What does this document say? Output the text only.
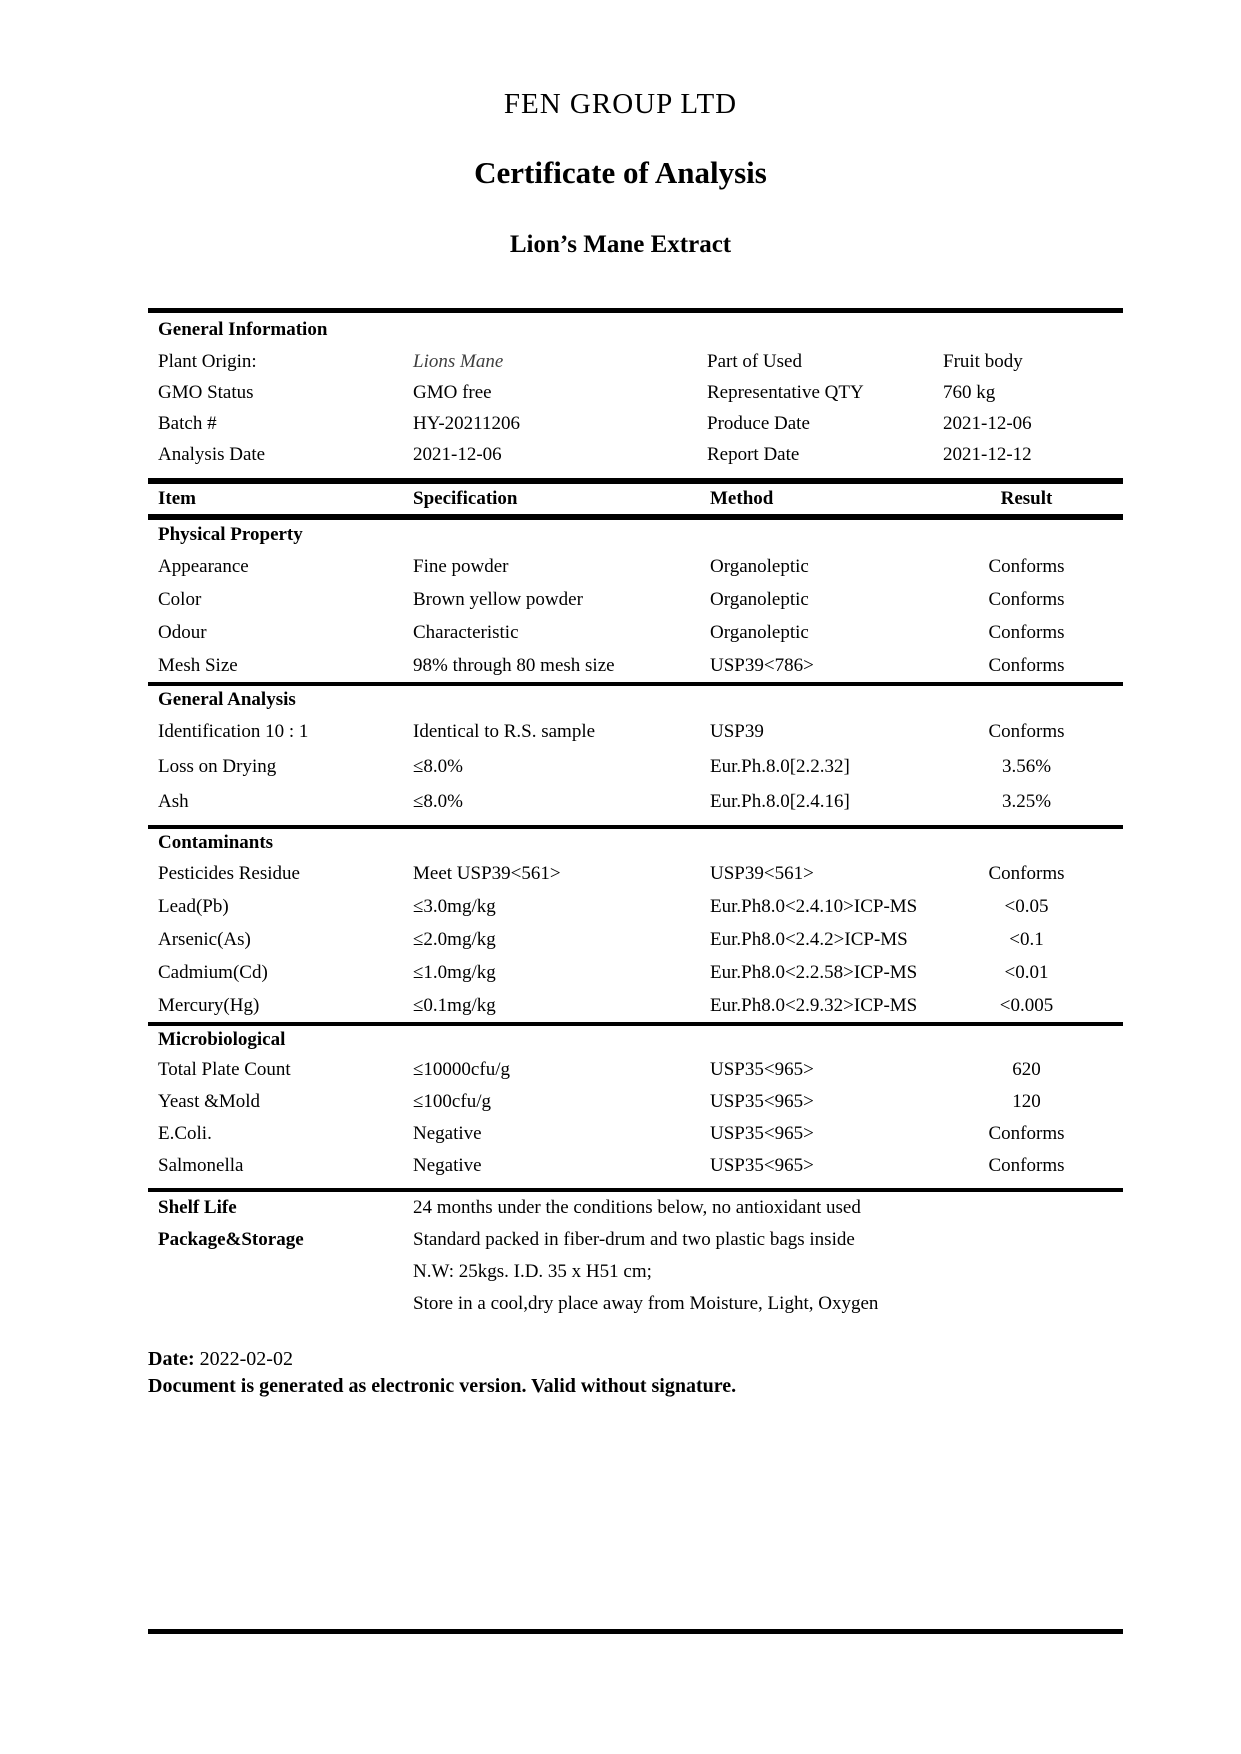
FEN GROUP LTD
Certificate of Analysis
Lion’s Mane Extract
General Information
Plant Origin:	Lions Mane	Part of Used	Fruit body
GMO Status	GMO free	Representative QTY	760 kg
Batch #	HY-20211206	Produce Date	2021-12-06
Analysis Date	2021-12-06	Report Date	2021-12-12
Item	Specification	Method	Result
Physical Property
Appearance	Fine powder	Organoleptic	Conforms
Color	Brown yellow powder	Organoleptic	Conforms
Odour	Characteristic	Organoleptic	Conforms
Mesh Size	98% through 80 mesh size	USP39<786>	Conforms
General Analysis
Identification 10 : 1	Identical to R.S. sample	USP39	Conforms
Loss on Drying	≤8.0%	Eur.Ph.8.0[2.2.32]	3.56%
Ash	≤8.0%	Eur.Ph.8.0[2.4.16]	3.25%
Contaminants
Pesticides Residue	Meet USP39<561>	USP39<561>	Conforms
Lead(Pb)	≤3.0mg/kg	Eur.Ph8.0<2.4.10>ICP-MS	<0.05
Arsenic(As)	≤2.0mg/kg	Eur.Ph8.0<2.4.2>ICP-MS	<0.1
Cadmium(Cd)	≤1.0mg/kg	Eur.Ph8.0<2.2.58>ICP-MS	<0.01
Mercury(Hg)	≤0.1mg/kg	Eur.Ph8.0<2.9.32>ICP-MS	<0.005
Microbiological
Total Plate Count	≤10000cfu/g	USP35<965>	620
Yeast &Mold	≤100cfu/g	USP35<965>	120
E.Coli.	Negative	USP35<965>	Conforms
Salmonella	Negative	USP35<965>	Conforms
Shelf Life	24 months under the conditions below, no antioxidant used
Package&Storage	Standard packed in fiber-drum and two plastic bags inside
N.W: 25kgs. I.D. 35 x H51 cm;
Store in a cool,dry place away from Moisture, Light, Oxygen
Date: 2022-02-02
Document is generated as electronic version. Valid without signature.
